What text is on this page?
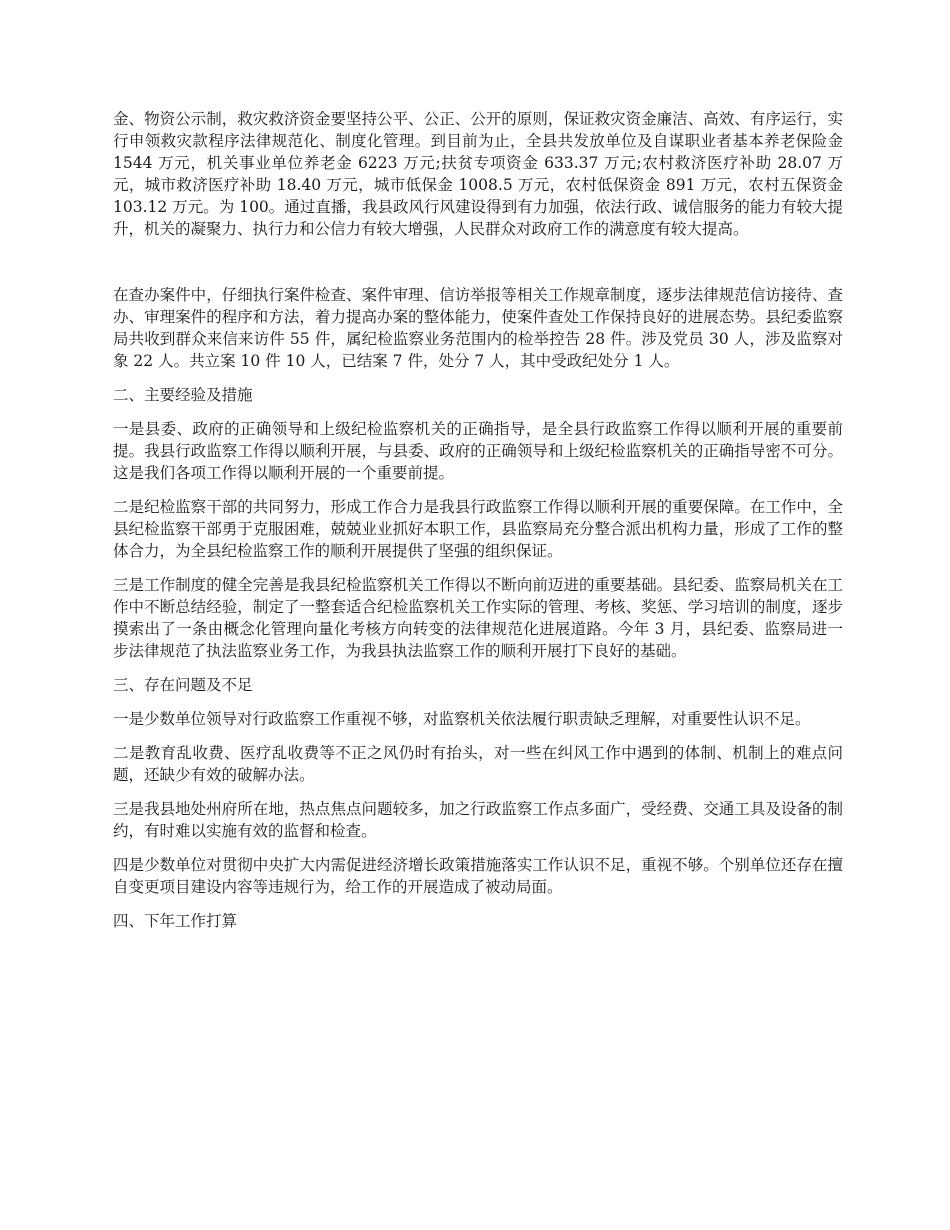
金、物资公示制，救灾救济资金要坚持公平、公正、公开的原则，保证救灾资金廉洁、高效、有序运行，实行申领救灾款程序法律规范化、制度化管理。到目前为止，全县共发放单位及自谋职业者基本养老保险金 1544 万元，机关事业单位养老金 6223 万元;扶贫专项资金 633.37 万元;农村救济医疗补助 28.07 万元，城市救济医疗补助 18.40 万元，城市低保金 1008.5 万元，农村低保资金 891 万元，农村五保资金 103.12 万元。为 100。通过直播，我县政风行风建设得到有力加强，依法行政、诚信服务的能力有较大提升，机关的凝聚力、执行力和公信力有较大增强，人民群众对政府工作的满意度有较大提高。

在查办案件中，仔细执行案件检查、案件审理、信访举报等相关工作规章制度，逐步法律规范信访接待、查办、审理案件的程序和方法，着力提高办案的整体能力，使案件查处工作保持良好的进展态势。县纪委监察局共收到群众来信来访件 55 件，属纪检监察业务范围内的检举控告 28 件。涉及党员 30 人，涉及监察对象 22 人。共立案 10 件 10 人，已结案 7 件，处分 7 人，其中受政纪处分 1 人。

二、主要经验及措施

一是县委、政府的正确领导和上级纪检监察机关的正确指导，是全县行政监察工作得以顺利开展的重要前提。我县行政监察工作得以顺利开展，与县委、政府的正确领导和上级纪检监察机关的正确指导密不可分。这是我们各项工作得以顺利开展的一个重要前提。

二是纪检监察干部的共同努力，形成工作合力是我县行政监察工作得以顺利开展的重要保障。在工作中，全县纪检监察干部勇于克服困难，兢兢业业抓好本职工作，县监察局充分整合派出机构力量，形成了工作的整体合力，为全县纪检监察工作的顺利开展提供了坚强的组织保证。

三是工作制度的健全完善是我县纪检监察机关工作得以不断向前迈进的重要基础。县纪委、监察局机关在工作中不断总结经验，制定了一整套适合纪检监察机关工作实际的管理、考核、奖惩、学习培训的制度，逐步摸索出了一条由概念化管理向量化考核方向转变的法律规范化进展道路。今年 3 月，县纪委、监察局进一步法律规范了执法监察业务工作，为我县执法监察工作的顺利开展打下良好的基础。

三、存在问题及不足

一是少数单位领导对行政监察工作重视不够，对监察机关依法履行职责缺乏理解，对重要性认识不足。

二是教育乱收费、医疗乱收费等不正之风仍时有抬头，对一些在纠风工作中遇到的体制、机制上的难点问题，还缺少有效的破解办法。

三是我县地处州府所在地，热点焦点问题较多，加之行政监察工作点多面广，受经费、交通工具及设备的制约，有时难以实施有效的监督和检查。

四是少数单位对贯彻中央扩大内需促进经济增长政策措施落实工作认识不足，重视不够。个别单位还存在擅自变更项目建设内容等违规行为，给工作的开展造成了被动局面。

四、下年工作打算
